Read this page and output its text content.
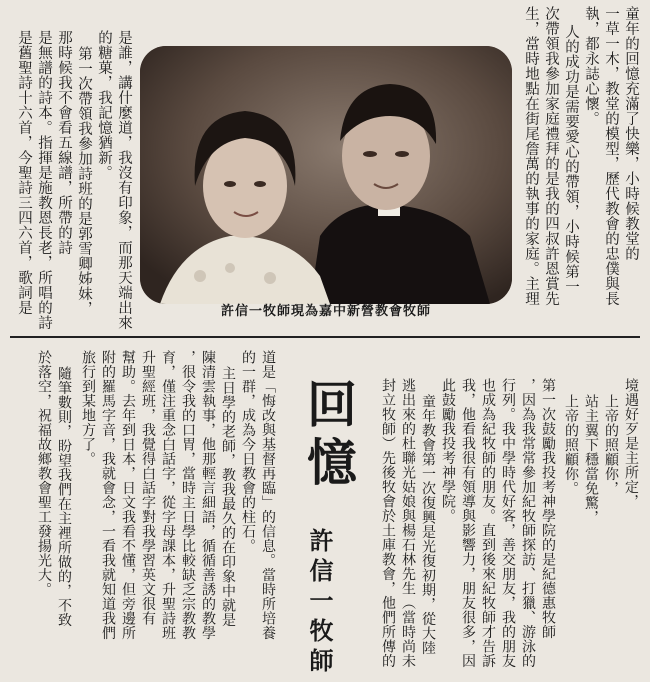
童年的回憶充滿了快樂，小時候教堂的
一草一木，教堂的模型，歷代教會的忠僕與長
執，都永誌心懷。
人的成功是需要愛心的帶領，小時候第一
次帶領我參加家庭禮拜的是我的四叔許恩賞先
生，當時地點在街尾詹萬的執事的家庭。主理
許信一牧師現為嘉中新營教會牧師
是誰，講什麼道，我沒有印象，而那天端出來
的糖菓，我記憶猶新。
第一次帶領我參加詩班的是郭雪卿姊妹，
那時候我不會看五線譜，所帶的詩
是無譜的詩本。指揮是施教恩長老，所唱的詩
是舊聖詩十六首，今聖詩三四六首，歌詞是
回憶
許信一牧師
境遇好歹是主所定，
上帝的照顧你，
站主翼下穩當免驚，
上帝的照顧你。
第一次鼓勵我投考神學院的是紀德惠牧師
，因為我常常參加紀牧師探訪、打獵、游泳的
行列。我中學時代好客，善交朋友，我的朋友
也成為紀牧師的朋友。直到後來紀牧師才告訴
我，他看我很有領導與影響力，朋友很多，因
此鼓勵我投考神學院。
童年教會第一次復興是光復初期，從大陸
逃出來的杜聯光姑娘與楊石林先生（當時尚未
封立牧師）先後牧會於土庫教會，他們所傳的
道是「悔改與基督再臨」的信息。當時所培養
的一群，成為今日教會的柱石。
主日學的老師，教我最久的在印象中就是
陳清雲執事，他那輕言細語，循循善誘的教學
，很令我的口胃，當時主日學比較缺乏宗教教
育，僅注重念白話字，從字母課本，升聖詩班
升聖經班，我覺得白話字對我學習英文很有
幫助。去年到日本，日文我看不懂，但旁邊所
附的羅馬字音，我就會念，一看我就知道我們
旅行到某地方了。
隨筆數則，盼望我們在主裡所做的，不致
於落空，祝福故鄉教會聖工發揚光大。
